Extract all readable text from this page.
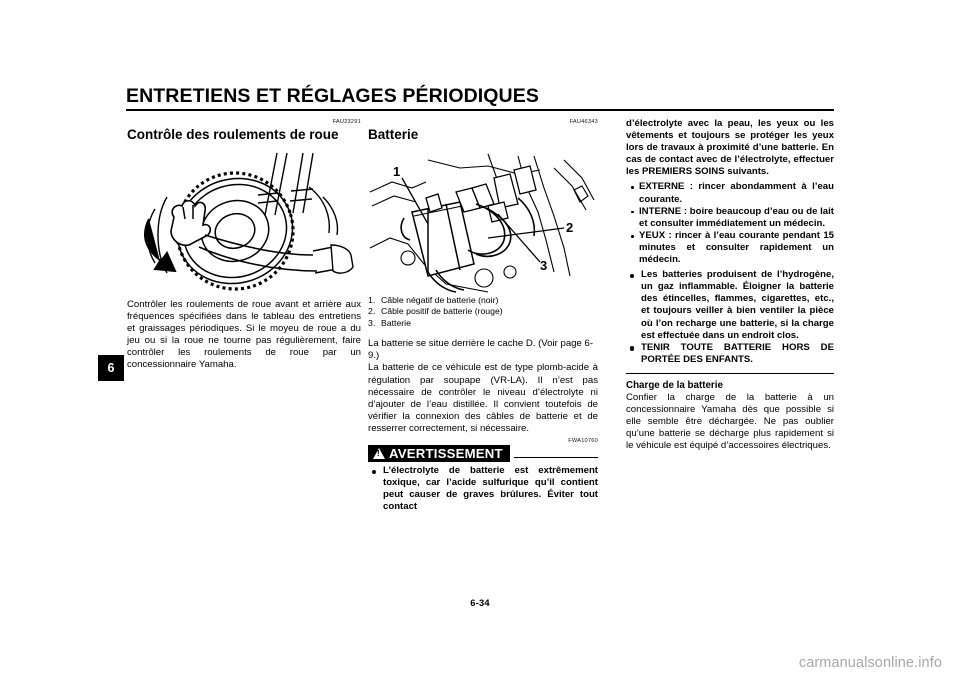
ENTRETIENS ET RÉGLAGES PÉRIODIQUES
6
FAU23291
Contrôle des roulements de roue

Contrôler les roulements de roue avant et arrière aux fréquences spécifiées dans le tableau des entretiens et graissages périodiques. Si le moyeu de roue a du jeu ou si la roue ne tourne pas régulièrement, faire contrôler les roulements de roue par un concessionnaire Yamaha.

FAU46343
Batterie
1
2
3
1. Câble négatif de batterie (noir)
2. Câble positif de batterie (rouge)
3. Batterie

La batterie se situe derrière le cache D. (Voir page 6-9.)

La batterie de ce véhicule est de type plomb-acide à régulation par soupape (VR-LA). Il n’est pas nécessaire de contrôler le niveau d’électrolyte ni d’ajouter de l’eau distillée. Il convient toutefois de vérifier la connexion des câbles de batterie et de resserrer correctement, si nécessaire.

FWA10760
!
AVERTISSEMENT
L’électrolyte de batterie est extrêmement toxique, car l’acide sulfurique qu’il contient peut causer de graves brûlures. Éviter tout contact

d’électrolyte avec la peau, les yeux ou les vêtements et toujours se protéger les yeux lors de travaux à proximité d’une batterie. En cas de contact avec de l’électrolyte, effectuer les PREMIERS SOINS suivants.

EXTERNE : rincer abondamment à l’eau courante.
INTERNE : boire beaucoup d’eau ou de lait et consulter immédiatement un médecin.
YEUX : rincer à l’eau courante pendant 15 minutes et consulter rapidement un médecin.
Les batteries produisent de l’hydrogène, un gaz inflammable. Éloigner la batterie des étincelles, flammes, cigarettes, etc., et toujours veiller à bien ventiler la pièce où l’on recharge une batterie, si la charge est effectuée dans un endroit clos.
TENIR TOUTE BATTERIE HORS DE PORTÉE DES ENFANTS.
Charge de la batterie

Confier la charge de la batterie à un concessionnaire Yamaha dès que possible si elle semble être déchargée. Ne pas oublier qu’une batterie se décharge plus rapidement si le véhicule est équipé d’accessoires électriques.

6-34
carmanualsonline.info
